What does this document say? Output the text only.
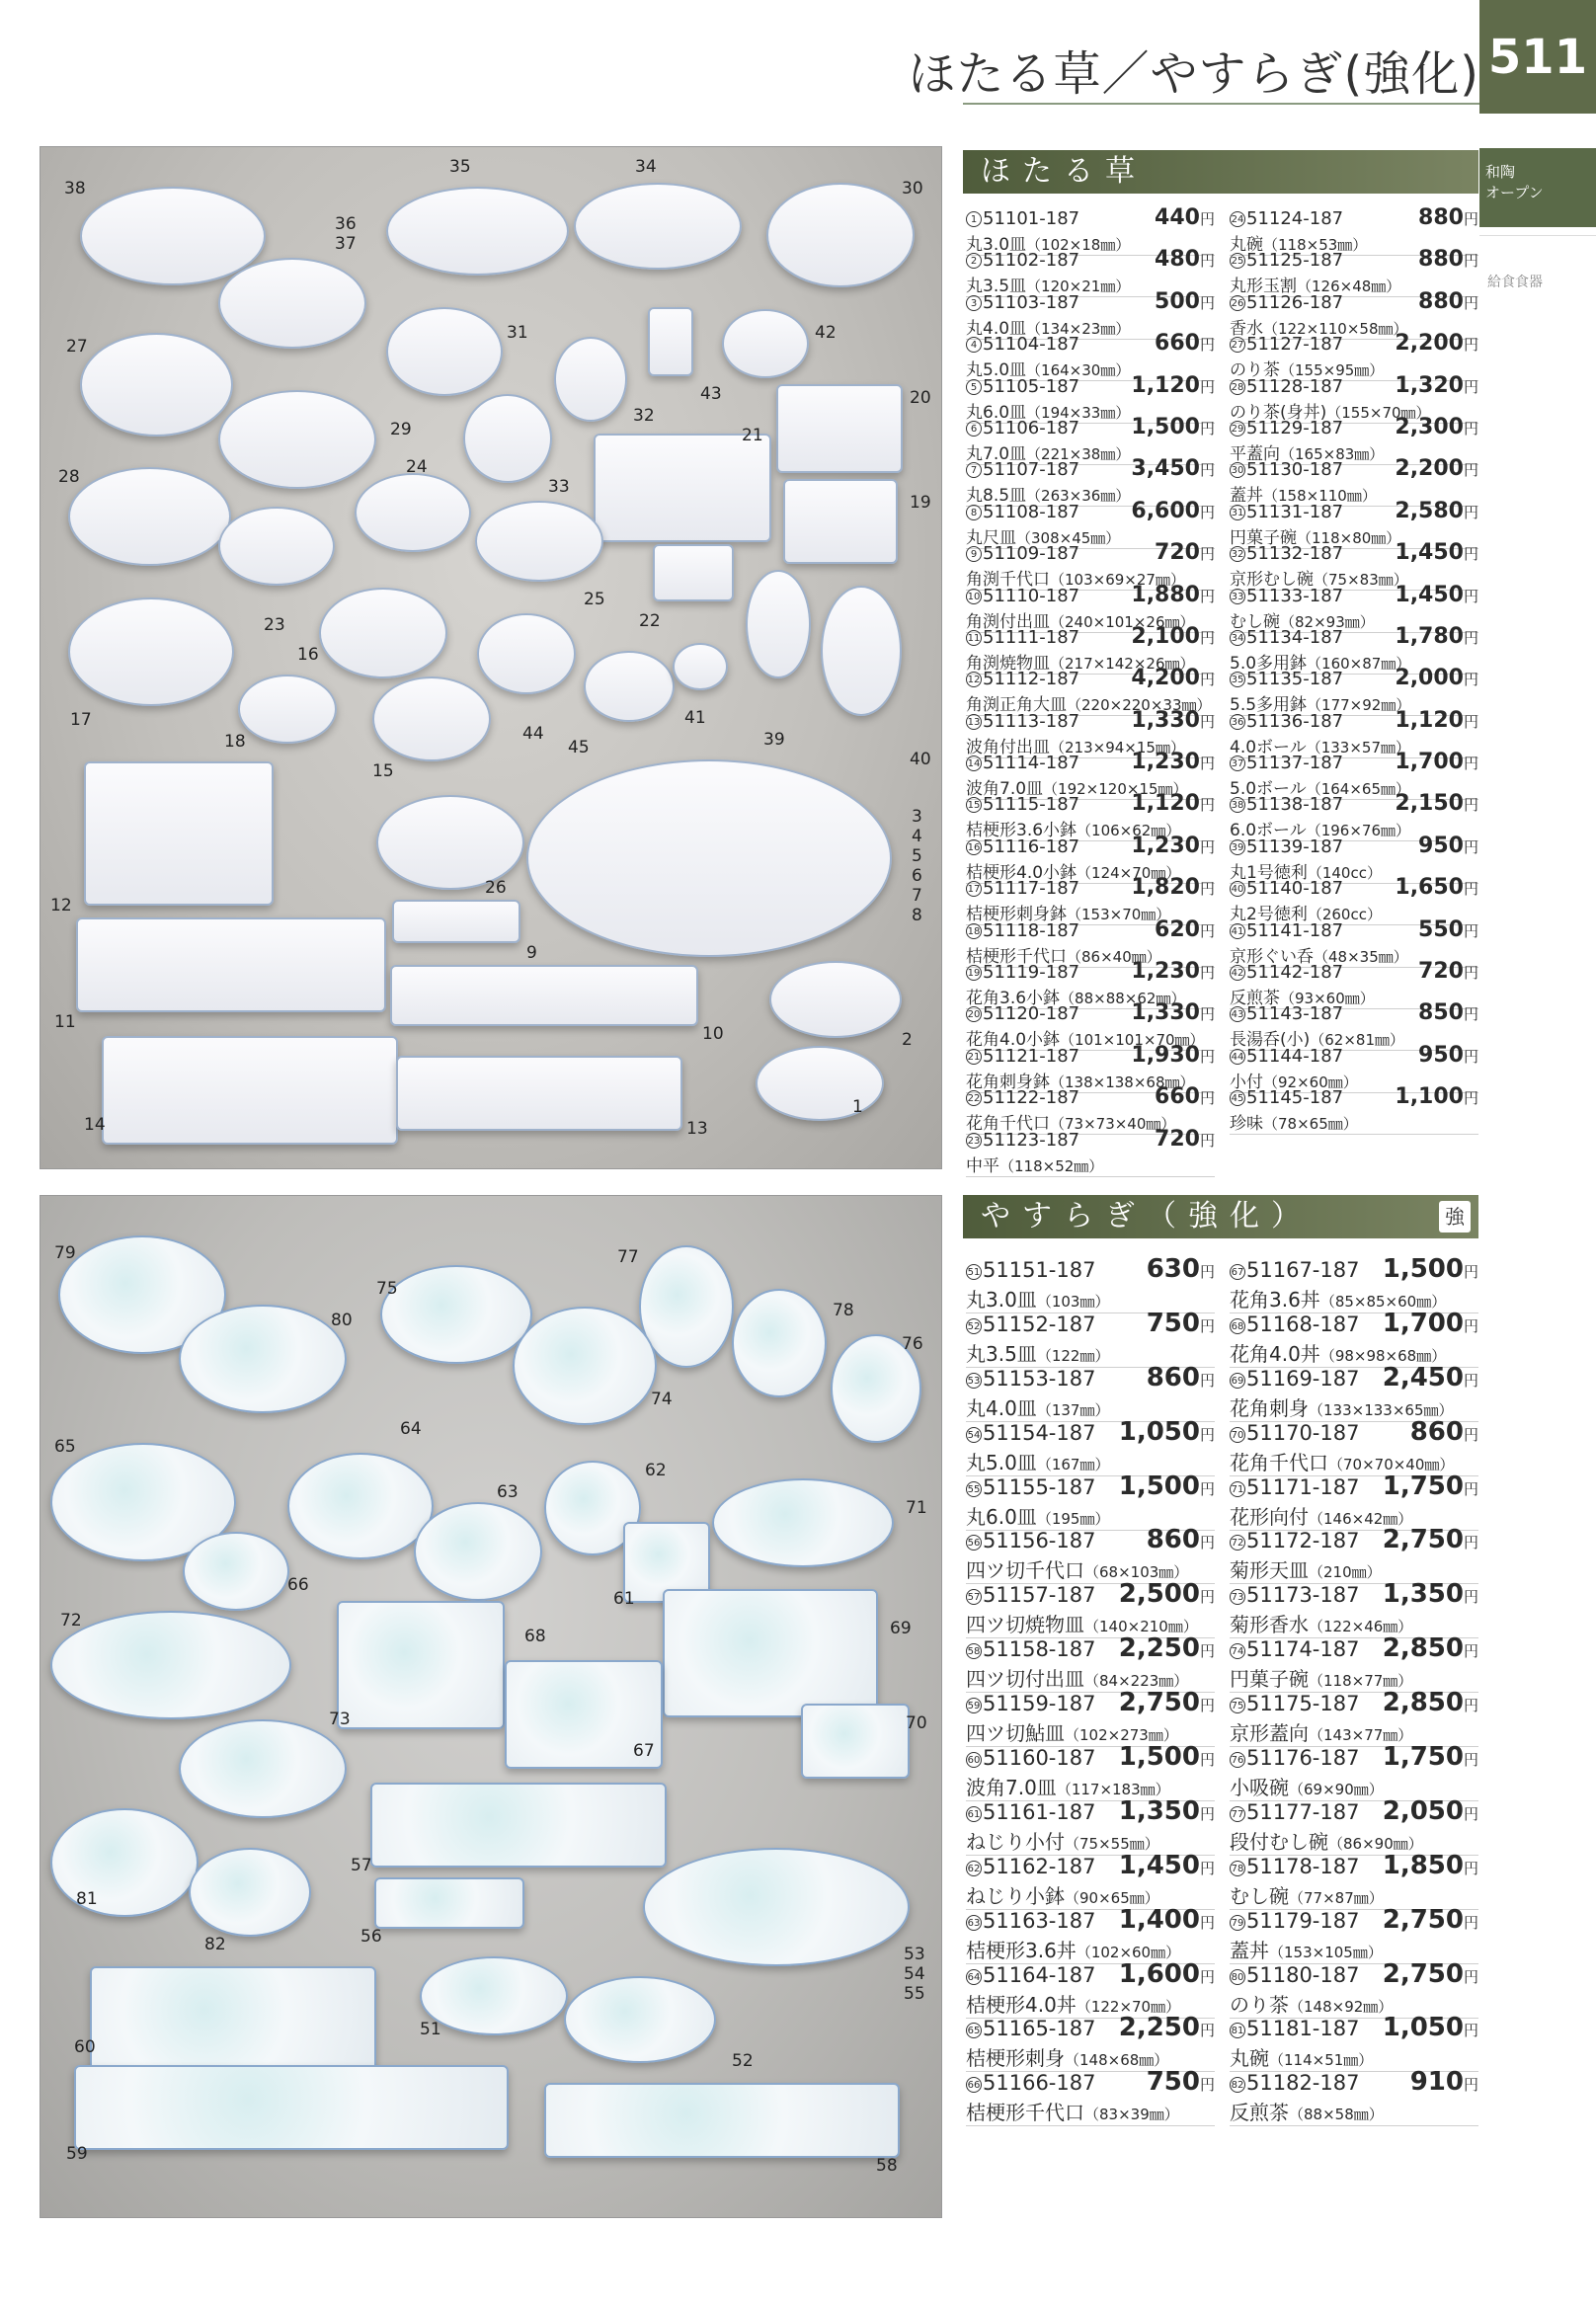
ほたる草／やすらぎ(強化) 511
和陶
オープン
給食食器
38
35	34
30
36
37
27
31	42
43	20
32
21
29
28	24
33
19
25
22
23
16
17
18	44
41
45	39
40
15
3
4
5
6
7
8
12
26
9
11
10	2
14	13
1
79	77
75
78
80
76
74
65
64
62
63
71
66
61
72
68	69
73
67
70
57
81
56
82	53
54
55
60
51
52
59
58
ほたる草
1 51101-187	440円
丸3.0皿（102×18㎜）
2 51102-187	480円
丸3.5皿（120×21㎜）
3 51103-187	500円
丸4.0皿（134×23㎜）
4 51104-187	660円
丸5.0皿（164×30㎜）
5 51105-187 1,120円
丸6.0皿（194×33㎜）
6 51106-187 1,500円
丸7.0皿（221×38㎜）
7 51107-187 3,450円
丸8.5皿（263×36㎜）
8 51108-187 6,600円
丸尺皿（308×45㎜）
9 51109-187	720円
角渕千代口（103×69×27㎜）
10 51110-187 1,880円
角渕付出皿（240×101×26㎜）
11 51111-187 2,100円
角渕焼物皿（217×142×26㎜）
12 51112-187 4,200円
角渕正角大皿（220×220×33㎜）
13 51113-187 1,330円
波角付出皿（213×94×15㎜）
14 51114-187 1,230円
波角7.0皿（192×120×15㎜）
15 51115-187 1,120円
桔梗形3.6小鉢（106×62㎜）
16 51116-187 1,230円
桔梗形4.0小鉢（124×70㎜）
17 51117-187 1,820円
桔梗形刺身鉢（153×70㎜）
18 51118-187	620円
桔梗形千代口（86×40㎜）
19 51119-187 1,230円
花角3.6小鉢（88×88×62㎜）
20 51120-187 1,330円
花角4.0小鉢（101×101×70㎜）
21 51121-187 1,930円
花角刺身鉢（138×138×68㎜）
22 51122-187	660円
花角千代口（73×73×40㎜）
23 51123-187	720円
中平（118×52㎜）
24 51124-187	880円
丸碗（118×53㎜）
25 51125-187	880円
丸形玉割（126×48㎜）
26 51126-187	880円
香水（122×110×58㎜）
27 51127-187 2,200円
のり茶（155×95㎜）
28 51128-187 1,320円
のり茶(身丼)（155×70㎜）
29 51129-187 2,300円
平蓋向（165×83㎜）
30 51130-187 2,200円
蓋丼（158×110㎜）
31 51131-187 2,580円
円菓子碗（118×80㎜）
32 51132-187 1,450円
京形むし碗（75×83㎜）
33 51133-187 1,450円
むし碗（82×93㎜）
34 51134-187 1,780円
5.0多用鉢（160×87㎜）
35 51135-187 2,000円
5.5多用鉢（177×92㎜）
36 51136-187 1,120円
4.0ボール（133×57㎜）
37 51137-187 1,700円
5.0ボール（164×65㎜）
38 51138-187 2,150円
6.0ボール（196×76㎜）
39 51139-187	950円
丸1号徳利（140cc）
40 51140-187 1,650円
丸2号徳利（260cc）
41 51141-187	550円
京形ぐい呑（48×35㎜）
42 51142-187	720円
反煎茶（93×60㎜）
43 51143-187	850円
長湯呑(小)（62×81㎜）
44 51144-187	950円
小付（92×60㎜）
45 51145-187 1,100円
珍味（78×65㎜）
やすらぎ（強化）	強
51 51151-187 630円
丸3.0皿（103㎜）
52 51152-187 750円
丸3.5皿（122㎜）
53 51153-187 860円
丸4.0皿（137㎜）
54 51154-187 1,050円
丸5.0皿（167㎜）
55 51155-187 1,500円
丸6.0皿（195㎜）
56 51156-187 860円
四ツ切千代口（68×103㎜）
57 51157-187 2,500円
四ツ切焼物皿（140×210㎜）
58 51158-187 2,250円
四ツ切付出皿（84×223㎜）
59 51159-187 2,750円
四ツ切鮎皿（102×273㎜）
60 51160-187 1,500円
波角7.0皿（117×183㎜）
61 51161-187 1,350円
ねじり小付（75×55㎜）
62 51162-187 1,450円
ねじり小鉢（90×65㎜）
63 51163-187 1,400円
桔梗形3.6丼（102×60㎜）
64 51164-187 1,600円
桔梗形4.0丼（122×70㎜）
65 51165-187 2,250円
桔梗形刺身（148×68㎜）
66 51166-187 750円
桔梗形千代口（83×39㎜）
67 51167-187 1,500円
花角3.6丼（85×85×60㎜）
68 51168-187 1,700円
花角4.0丼（98×98×68㎜）
69 51169-187 2,450円
花角刺身（133×133×65㎜）
70 51170-187 860円
花角千代口（70×70×40㎜）
71 51171-187 1,750円
花形向付（146×42㎜）
72 51172-187 2,750円
菊形天皿（210㎜）
73 51173-187 1,350円
菊形香水（122×46㎜）
74 51174-187 2,850円
円菓子碗（118×77㎜）
75 51175-187 2,850円
京形蓋向（143×77㎜）
76 51176-187 1,750円
小吸碗（69×90㎜）
77 51177-187 2,050円
段付むし碗（86×90㎜）
78 51178-187 1,850円
むし碗（77×87㎜）
79 51179-187 2,750円
蓋丼（153×105㎜）
80 51180-187 2,750円
のり茶（148×92㎜）
81 51181-187 1,050円
丸碗（114×51㎜）
82 51182-187 910円
反煎茶（88×58㎜）
